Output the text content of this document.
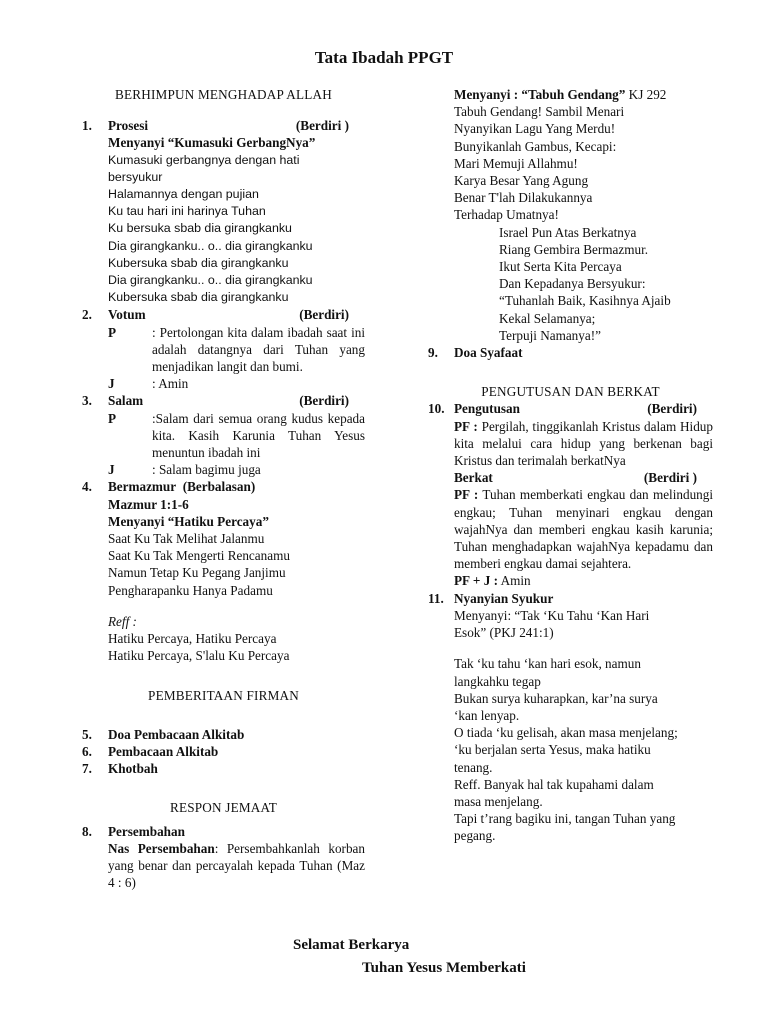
Tata Ibadah PPGT
BERHIMPUN MENGHADAP ALLAH
1.	Prosesi	(Berdiri )
Menyanyi “Kumasuki GerbangNya”
Kumasuki gerbangnya dengan hati
bersyukur
Halamannya dengan pujian
Ku tau hari ini harinya Tuhan
Ku bersuka sbab dia girangkanku
Dia girangkanku.. o.. dia girangkanku
Kubersuka sbab dia girangkanku
Dia girangkanku.. o.. dia girangkanku
Kubersuka sbab dia girangkanku
2.	Votum	(Berdiri)
P	: Pertolongan kita dalam ibadah saat ini adalah datangnya dari Tuhan yang menjadikan langit dan bumi.
J	: Amin
3.	Salam	(Berdiri)
P	:Salam dari semua orang kudus kepada kita. Kasih Karunia Tuhan Yesus menuntun ibadah ini
J	: Salam bagimu juga
4.	Bermazmur
(Berbalasan)
Mazmur 1:1-6
Menyanyi “Hatiku Percaya”
Saat Ku Tak Melihat Jalanmu
Saat Ku Tak Mengerti Rencanamu
Namun Tetap Ku Pegang Janjimu
Pengharapanku Hanya Padamu
Reff :
Hatiku Percaya, Hatiku Percaya
Hatiku Percaya, S'lalu Ku Percaya
PEMBERITAAN FIRMAN
5.	Doa Pembacaan Alkitab
6.	Pembacaan Alkitab
7.	Khotbah
RESPON JEMAAT
8.	Persembahan
Nas Persembahan: Persembahkanlah korban yang benar dan percayalah kepada Tuhan (Maz 4 : 6)
Menyanyi : “Tabuh Gendang” KJ 292
Tabuh Gendang! Sambil Menari
Nyanyikan Lagu Yang Merdu!
Bunyikanlah Gambus, Kecapi:
Mari Memuji Allahmu!
Karya Besar Yang Agung
Benar T'lah Dilakukannya
Terhadap Umatnya!
Israel Pun Atas Berkatnya
Riang Gembira Bermazmur.
Ikut Serta Kita Percaya
Dan Kepadanya Bersyukur:
“Tuhanlah Baik, Kasihnya Ajaib
Kekal Selamanya;
Terpuji Namanya!”
9.	Doa Syafaat
PENGUTUSAN DAN BERKAT
10. Pengutusan	(Berdiri)
PF : Pergilah, tinggikanlah Kristus dalam Hidup kita melalui cara hidup yang berkenan bagi Kristus dan terimalah berkatNya
Berkat	(Berdiri )
PF : Tuhan memberkati engkau dan melindungi engkau; Tuhan menyinari engkau dengan wajahNya dan memberi engkau kasih karunia; Tuhan menghadapkan wajahNya kepadamu dan memberi engkau damai sejahtera.
PF + J : Amin
11. Nyanyian Syukur
Menyanyi: “Tak ‘Ku Tahu ‘Kan Hari
Esok” (PKJ 241:1)
Tak ‘ku tahu ‘kan hari esok, namun
langkahku tegap
Bukan surya kuharapkan, kar’na surya
‘kan lenyap.
O tiada ‘ku gelisah, akan masa menjelang;
‘ku berjalan serta Yesus, maka hatiku
tenang.
Reff. Banyak hal tak kupahami dalam
masa menjelang.
Tapi t’rang bagiku ini, tangan Tuhan yang
pegang.
Selamat Berkarya
Tuhan Yesus Memberkati
